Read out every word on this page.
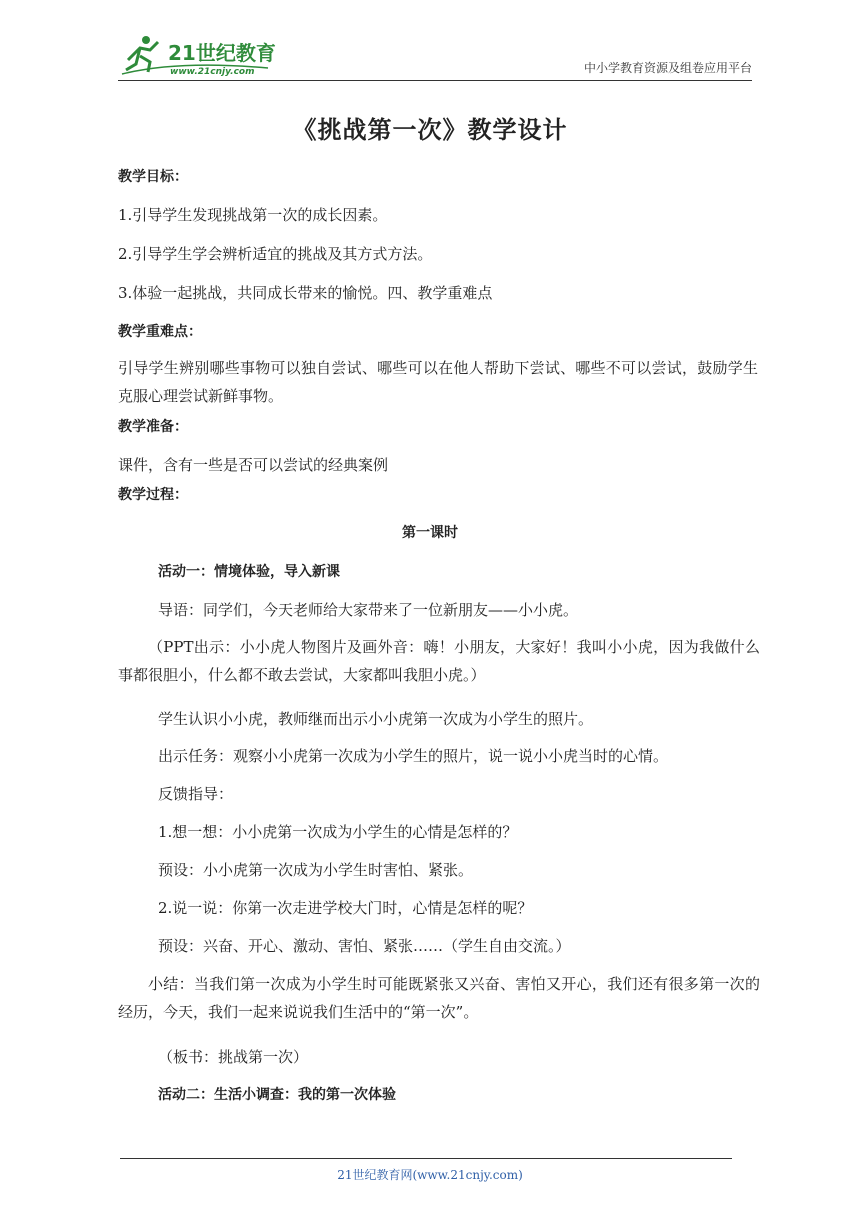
21世纪教育
www.21cnjy.com	中小学教育资源及组卷应用平台
《挑战第一次》教学设计
教学目标：
1.引导学生发现挑战第一次的成长因素。
2.引导学生学会辨析适宜的挑战及其方式方法。
3.体验一起挑战，共同成长带来的愉悦。四、教学重难点
教学重难点：
引导学生辨别哪些事物可以独自尝试、哪些可以在他人帮助下尝试、哪些不可以尝试，鼓励学生克服心理尝试新鲜事物。
教学准备：
课件，含有一些是否可以尝试的经典案例
教学过程：
第一课时
活动一：情境体验，导入新课
导语：同学们，今天老师给大家带来了一位新朋友——小小虎。
（PPT出示：小小虎人物图片及画外音：嗨！小朋友，大家好！我叫小小虎，因为我做什么事都很胆小，什么都不敢去尝试，大家都叫我胆小虎。）
学生认识小小虎，教师继而出示小小虎第一次成为小学生的照片。
出示任务：观察小小虎第一次成为小学生的照片，说一说小小虎当时的心情。
反馈指导：
1.想一想：小小虎第一次成为小学生的心情是怎样的？
预设：小小虎第一次成为小学生时害怕、紧张。
2.说一说：你第一次走进学校大门时，心情是怎样的呢？
预设：兴奋、开心、激动、害怕、紧张……（学生自由交流。）
小结：当我们第一次成为小学生时可能既紧张又兴奋、害怕又开心，我们还有很多第一次的经历，今天，我们一起来说说我们生活中的“第一次”。
（板书：挑战第一次）
活动二：生活小调查：我的第一次体验
21世纪教育网(www.21cnjy.com)
